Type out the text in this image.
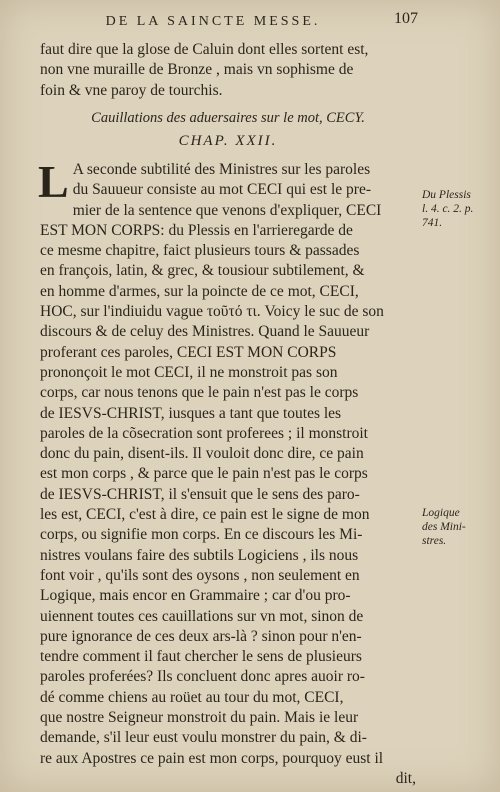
DE LA SAINCTE MESSE.	107
faut dire que la glose de Caluin dont elles sortent est,
non vne muraille de Bronze , mais vn sophisme de
foin & vne paroy de tourchis.
Cauillations des aduersaires sur le mot, CECY.
CHAP. XXII.
L A seconde subtilité des Ministres sur les paroles
du Sauueur consiste au mot CECI qui est le pre-
mier de la sentence que venons d'expliquer, CECI
EST MON CORPS: du Plessis en l'arrieregarde de
ce mesme chapitre, faict plusieurs tours & passades
en françois, latin, & grec, & tousiour subtilement, &
en homme d'armes, sur la poincte de ce mot, CECI,
HOC, sur l'indiuidu vague τοῦτό τι. Voicy le suc de son
discours & de celuy des Ministres. Quand le Sauueur
proferant ces paroles, CECI EST MON CORPS
prononçoit le mot CECI, il ne monstroit pas son
corps, car nous tenons que le pain n'est pas le corps
de IESVS-CHRIST, iusques a tant que toutes les
paroles de la cõsecration sont proferees ; il monstroit
donc du pain, disent-ils. Il vouloit donc dire, ce pain
est mon corps , & parce que le pain n'est pas le corps
de IESVS-CHRIST, il s'ensuit que le sens des paro-
les est, CECI, c'est à dire, ce pain est le signe de mon
corps, ou signifie mon corps. En ce discours les Mi-
nistres voulans faire des subtils Logiciens , ils nous
font voir , qu'ils sont des oysons , non seulement en
Logique, mais encor en Grammaire ; car d'ou pro-
uiennent toutes ces cauillations sur vn mot, sinon de
pure ignorance de ces deux ars-là ? sinon pour n'en-
tendre comment il faut chercher le sens de plusieurs
paroles proferées? Ils concluent donc apres auoir ro-
dé comme chiens au roüet au tour du mot, CECI,
que nostre Seigneur monstroit du pain. Mais ie leur
demande, s'il leur eust voulu monstrer du pain, & di-
re aux Apostres ce pain est mon corps, pourquoy eust il
dit,
Du Plessis
l. 4. c. 2. p.
741.
Logique
des Mini-
stres.
